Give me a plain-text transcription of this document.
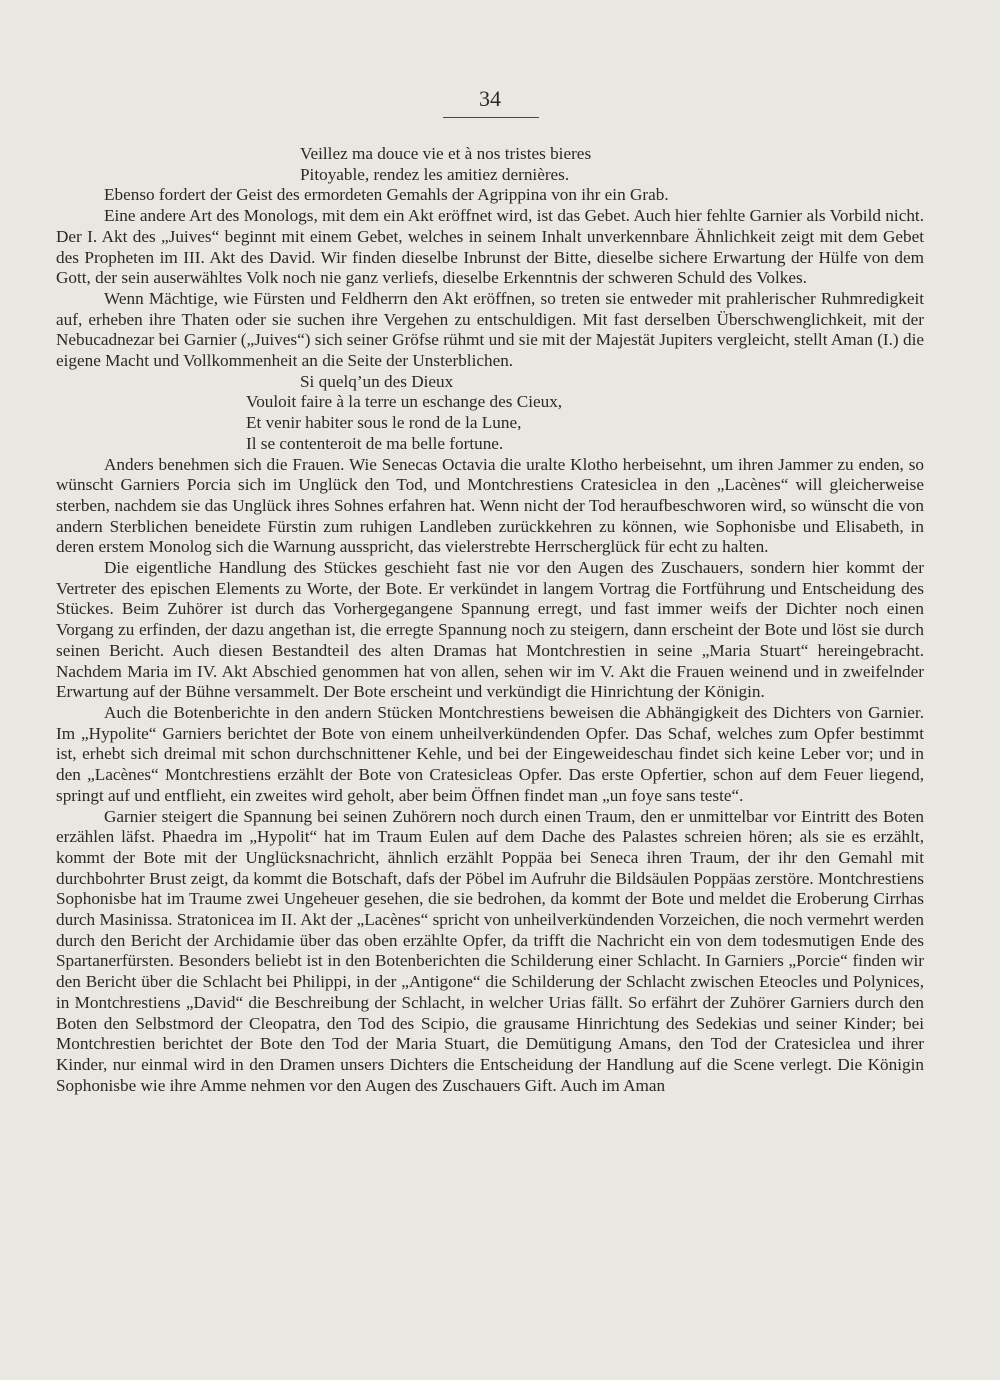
34
Veillez ma douce vie et à nos tristes bieres
Pitoyable, rendez les amitiez dernières.

Ebenso fordert der Geist des ermordeten Gemahls der Agrippina von ihr ein Grab.

Eine andere Art des Monologs, mit dem ein Akt eröffnet wird, ist das Gebet. Auch hier fehlte Garnier als Vorbild nicht. Der I. Akt des „Juives“ beginnt mit einem Gebet, welches in seinem Inhalt unverkennbare Ähnlichkeit zeigt mit dem Gebet des Propheten im III. Akt des David. Wir finden dieselbe Inbrunst der Bitte, dieselbe sichere Erwartung der Hülfe von dem Gott, der sein auserwähltes Volk noch nie ganz verliefs, dieselbe Erkenntnis der schweren Schuld des Volkes.

Wenn Mächtige, wie Fürsten und Feldherrn den Akt eröffnen, so treten sie entweder mit prahlerischer Ruhmredigkeit auf, erheben ihre Thaten oder sie suchen ihre Vergehen zu entschuldigen. Mit fast derselben Überschwenglichkeit, mit der Nebucadnezar bei Garnier („Juives“) sich seiner Gröfse rühmt und sie mit der Majestät Jupiters vergleicht, stellt Aman (I.) die eigene Macht und Vollkommenheit an die Seite der Unsterblichen.

Si quelq’un des Dieux
Vouloit faire à la terre un eschange des Cieux,
Et venir habiter sous le rond de la Lune,
Il se contenteroit de ma belle fortune.

Anders benehmen sich die Frauen. Wie Senecas Octavia die uralte Klotho herbeisehnt, um ihren Jammer zu enden, so wünscht Garniers Porcia sich im Unglück den Tod, und Montchrestiens Cratesiclea in den „Lacènes“ will gleicherweise sterben, nachdem sie das Unglück ihres Sohnes erfahren hat. Wenn nicht der Tod heraufbeschworen wird, so wünscht die von andern Sterblichen beneidete Fürstin zum ruhigen Landleben zurückkehren zu können, wie Sophonisbe und Elisabeth, in deren erstem Monolog sich die Warnung ausspricht, das vielerstrebte Herrscherglück für echt zu halten.

Die eigentliche Handlung des Stückes geschieht fast nie vor den Augen des Zuschauers, sondern hier kommt der Vertreter des epischen Elements zu Worte, der Bote. Er verkündet in langem Vortrag die Fortführung und Entscheidung des Stückes. Beim Zuhörer ist durch das Vorhergegangene Spannung erregt, und fast immer weifs der Dichter noch einen Vorgang zu erfinden, der dazu angethan ist, die erregte Spannung noch zu steigern, dann erscheint der Bote und löst sie durch seinen Bericht. Auch diesen Bestandteil des alten Dramas hat Montchrestien in seine „Maria Stuart“ hereingebracht. Nachdem Maria im IV. Akt Abschied genommen hat von allen, sehen wir im V. Akt die Frauen weinend und in zweifelnder Erwartung auf der Bühne versammelt. Der Bote erscheint und verkündigt die Hinrichtung der Königin.

Auch die Botenberichte in den andern Stücken Montchrestiens beweisen die Abhängigkeit des Dichters von Garnier. Im „Hypolite“ Garniers berichtet der Bote von einem unheilverkündenden Opfer. Das Schaf, welches zum Opfer bestimmt ist, erhebt sich dreimal mit schon durchschnittener Kehle, und bei der Eingeweideschau findet sich keine Leber vor; und in den „Lacènes“ Montchrestiens erzählt der Bote von Cratesicleas Opfer. Das erste Opfertier, schon auf dem Feuer liegend, springt auf und entflieht, ein zweites wird geholt, aber beim Öffnen findet man „un foye sans teste“.

Garnier steigert die Spannung bei seinen Zuhörern noch durch einen Traum, den er unmittelbar vor Eintritt des Boten erzählen läfst. Phaedra im „Hypolit“ hat im Traum Eulen auf dem Dache des Palastes schreien hören; als sie es erzählt, kommt der Bote mit der Unglücksnachricht, ähnlich erzählt Poppäa bei Seneca ihren Traum, der ihr den Gemahl mit durchbohrter Brust zeigt, da kommt die Botschaft, dafs der Pöbel im Aufruhr die Bildsäulen Poppäas zerstöre. Montchrestiens Sophonisbe hat im Traume zwei Ungeheuer gesehen, die sie bedrohen, da kommt der Bote und meldet die Eroberung Cirrhas durch Masinissa. Stratonicea im II. Akt der „Lacènes“ spricht von unheilverkündenden Vorzeichen, die noch vermehrt werden durch den Bericht der Archidamie über das oben erzählte Opfer, da trifft die Nachricht ein von dem todesmutigen Ende des Spartanerfürsten. Besonders beliebt ist in den Botenberichten die Schilderung einer Schlacht. In Garniers „Porcie“ finden wir den Bericht über die Schlacht bei Philippi, in der „Antigone“ die Schilderung der Schlacht zwischen Eteocles und Polynices, in Montchrestiens „David“ die Beschreibung der Schlacht, in welcher Urias fällt. So erfährt der Zuhörer Garniers durch den Boten den Selbstmord der Cleopatra, den Tod des Scipio, die grausame Hinrichtung des Sedekias und seiner Kinder; bei Montchrestien berichtet der Bote den Tod der Maria Stuart, die Demütigung Amans, den Tod der Cratesiclea und ihrer Kinder, nur einmal wird in den Dramen unsers Dichters die Entscheidung der Handlung auf die Scene verlegt. Die Königin Sophonisbe wie ihre Amme nehmen vor den Augen des Zuschauers Gift. Auch im Aman
